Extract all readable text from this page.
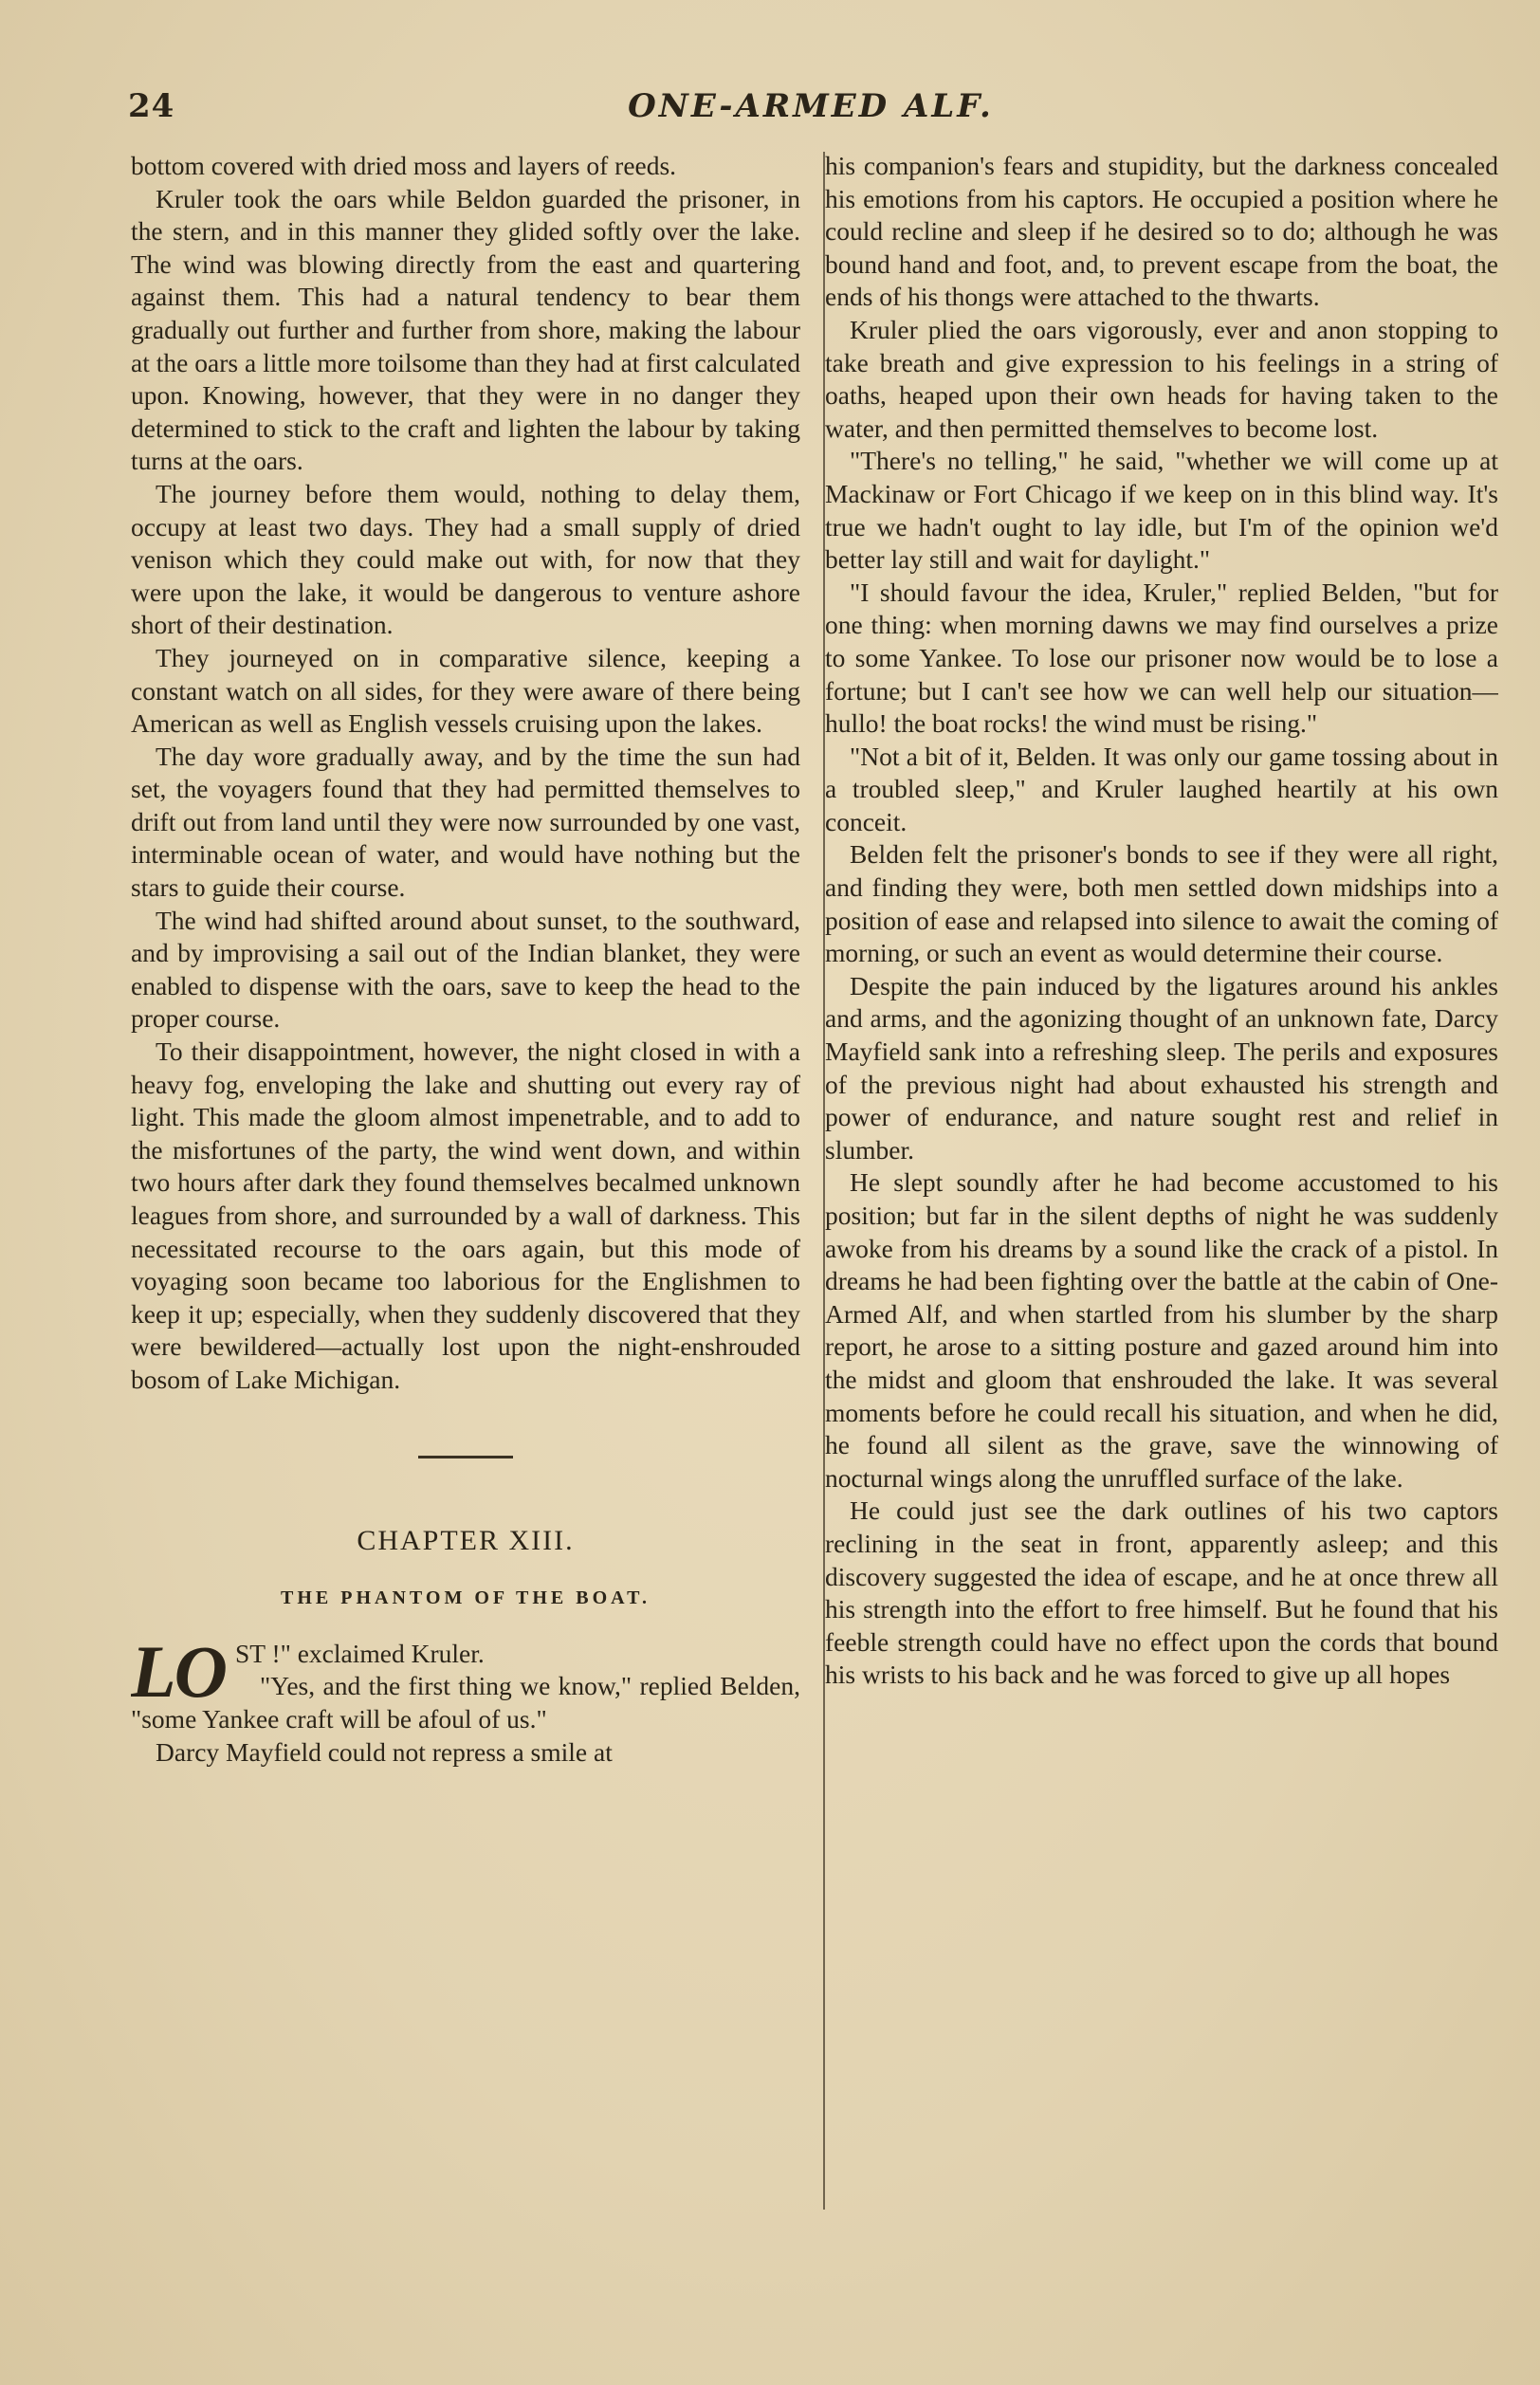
24	ONE-ARMED ALF.

bottom covered with dried moss and layers of reeds.

Kruler took the oars while Beldon guarded the prisoner, in the stern, and in this manner they glided softly over the lake. The wind was blowing directly from the east and quartering against them. This had a natural tendency to bear them gradually out further and further from shore, making the labour at the oars a little more toilsome than they had at first calculated upon. Knowing, however, that they were in no danger they determined to stick to the craft and lighten the labour by taking turns at the oars.

The journey before them would, nothing to delay them, occupy at least two days. They had a small supply of dried venison which they could make out with, for now that they were upon the lake, it would be dangerous to venture ashore short of their destination.

They journeyed on in comparative silence, keeping a constant watch on all sides, for they were aware of there being American as well as English vessels cruising upon the lakes.

The day wore gradually away, and by the time the sun had set, the voyagers found that they had permitted themselves to drift out from land until they were now surrounded by one vast, interminable ocean of water, and would have nothing but the stars to guide their course.

The wind had shifted around about sunset, to the southward, and by improvising a sail out of the Indian blanket, they were enabled to dispense with the oars, save to keep the head to the proper course.

To their disappointment, however, the night closed in with a heavy fog, enveloping the lake and shutting out every ray of light. This made the gloom almost impenetrable, and to add to the misfortunes of the party, the wind went down, and within two hours after dark they found themselves becalmed unknown leagues from shore, and surrounded by a wall of darkness. This necessitated recourse to the oars again, but this mode of voyaging soon became too laborious for the Englishmen to keep it up; especially, when they suddenly discovered that they were bewildered—actually lost upon the night-enshrouded bosom of Lake Michigan.

CHAPTER XIII.
THE PHANTOM OF THE BOAT.
LO ST !" exclaimed Kruler.

"Yes, and the first thing we know," replied Belden, "some Yankee craft will be afoul of us."

Darcy Mayfield could not repress a smile at

his companion's fears and stupidity, but the darkness concealed his emotions from his captors. He occupied a position where he could recline and sleep if he desired so to do; although he was bound hand and foot, and, to prevent escape from the boat, the ends of his thongs were attached to the thwarts.

Kruler plied the oars vigorously, ever and anon stopping to take breath and give expression to his feelings in a string of oaths, heaped upon their own heads for having taken to the water, and then permitted themselves to become lost.

"There's no telling," he said, "whether we will come up at Mackinaw or Fort Chicago if we keep on in this blind way. It's true we hadn't ought to lay idle, but I'm of the opinion we'd better lay still and wait for daylight."

"I should favour the idea, Kruler," replied Belden, "but for one thing: when morning dawns we may find ourselves a prize to some Yankee. To lose our prisoner now would be to lose a fortune; but I can't see how we can well help our situation—hullo! the boat rocks! the wind must be rising."

"Not a bit of it, Belden. It was only our game tossing about in a troubled sleep," and Kruler laughed heartily at his own conceit.

Belden felt the prisoner's bonds to see if they were all right, and finding they were, both men settled down midships into a position of ease and relapsed into silence to await the coming of morning, or such an event as would determine their course.

Despite the pain induced by the ligatures around his ankles and arms, and the agonizing thought of an unknown fate, Darcy Mayfield sank into a refreshing sleep. The perils and exposures of the previous night had about exhausted his strength and power of endurance, and nature sought rest and relief in slumber.

He slept soundly after he had become accustomed to his position; but far in the silent depths of night he was suddenly awoke from his dreams by a sound like the crack of a pistol. In dreams he had been fighting over the battle at the cabin of One-Armed Alf, and when startled from his slumber by the sharp report, he arose to a sitting posture and gazed around him into the midst and gloom that enshrouded the lake. It was several moments before he could recall his situation, and when he did, he found all silent as the grave, save the winnowing of nocturnal wings along the unruffled surface of the lake.

He could just see the dark outlines of his two captors reclining in the seat in front, apparently asleep; and this discovery suggested the idea of escape, and he at once threw all his strength into the effort to free himself. But he found that his feeble strength could have no effect upon the cords that bound his wrists to his back and he was forced to give up all hopes
